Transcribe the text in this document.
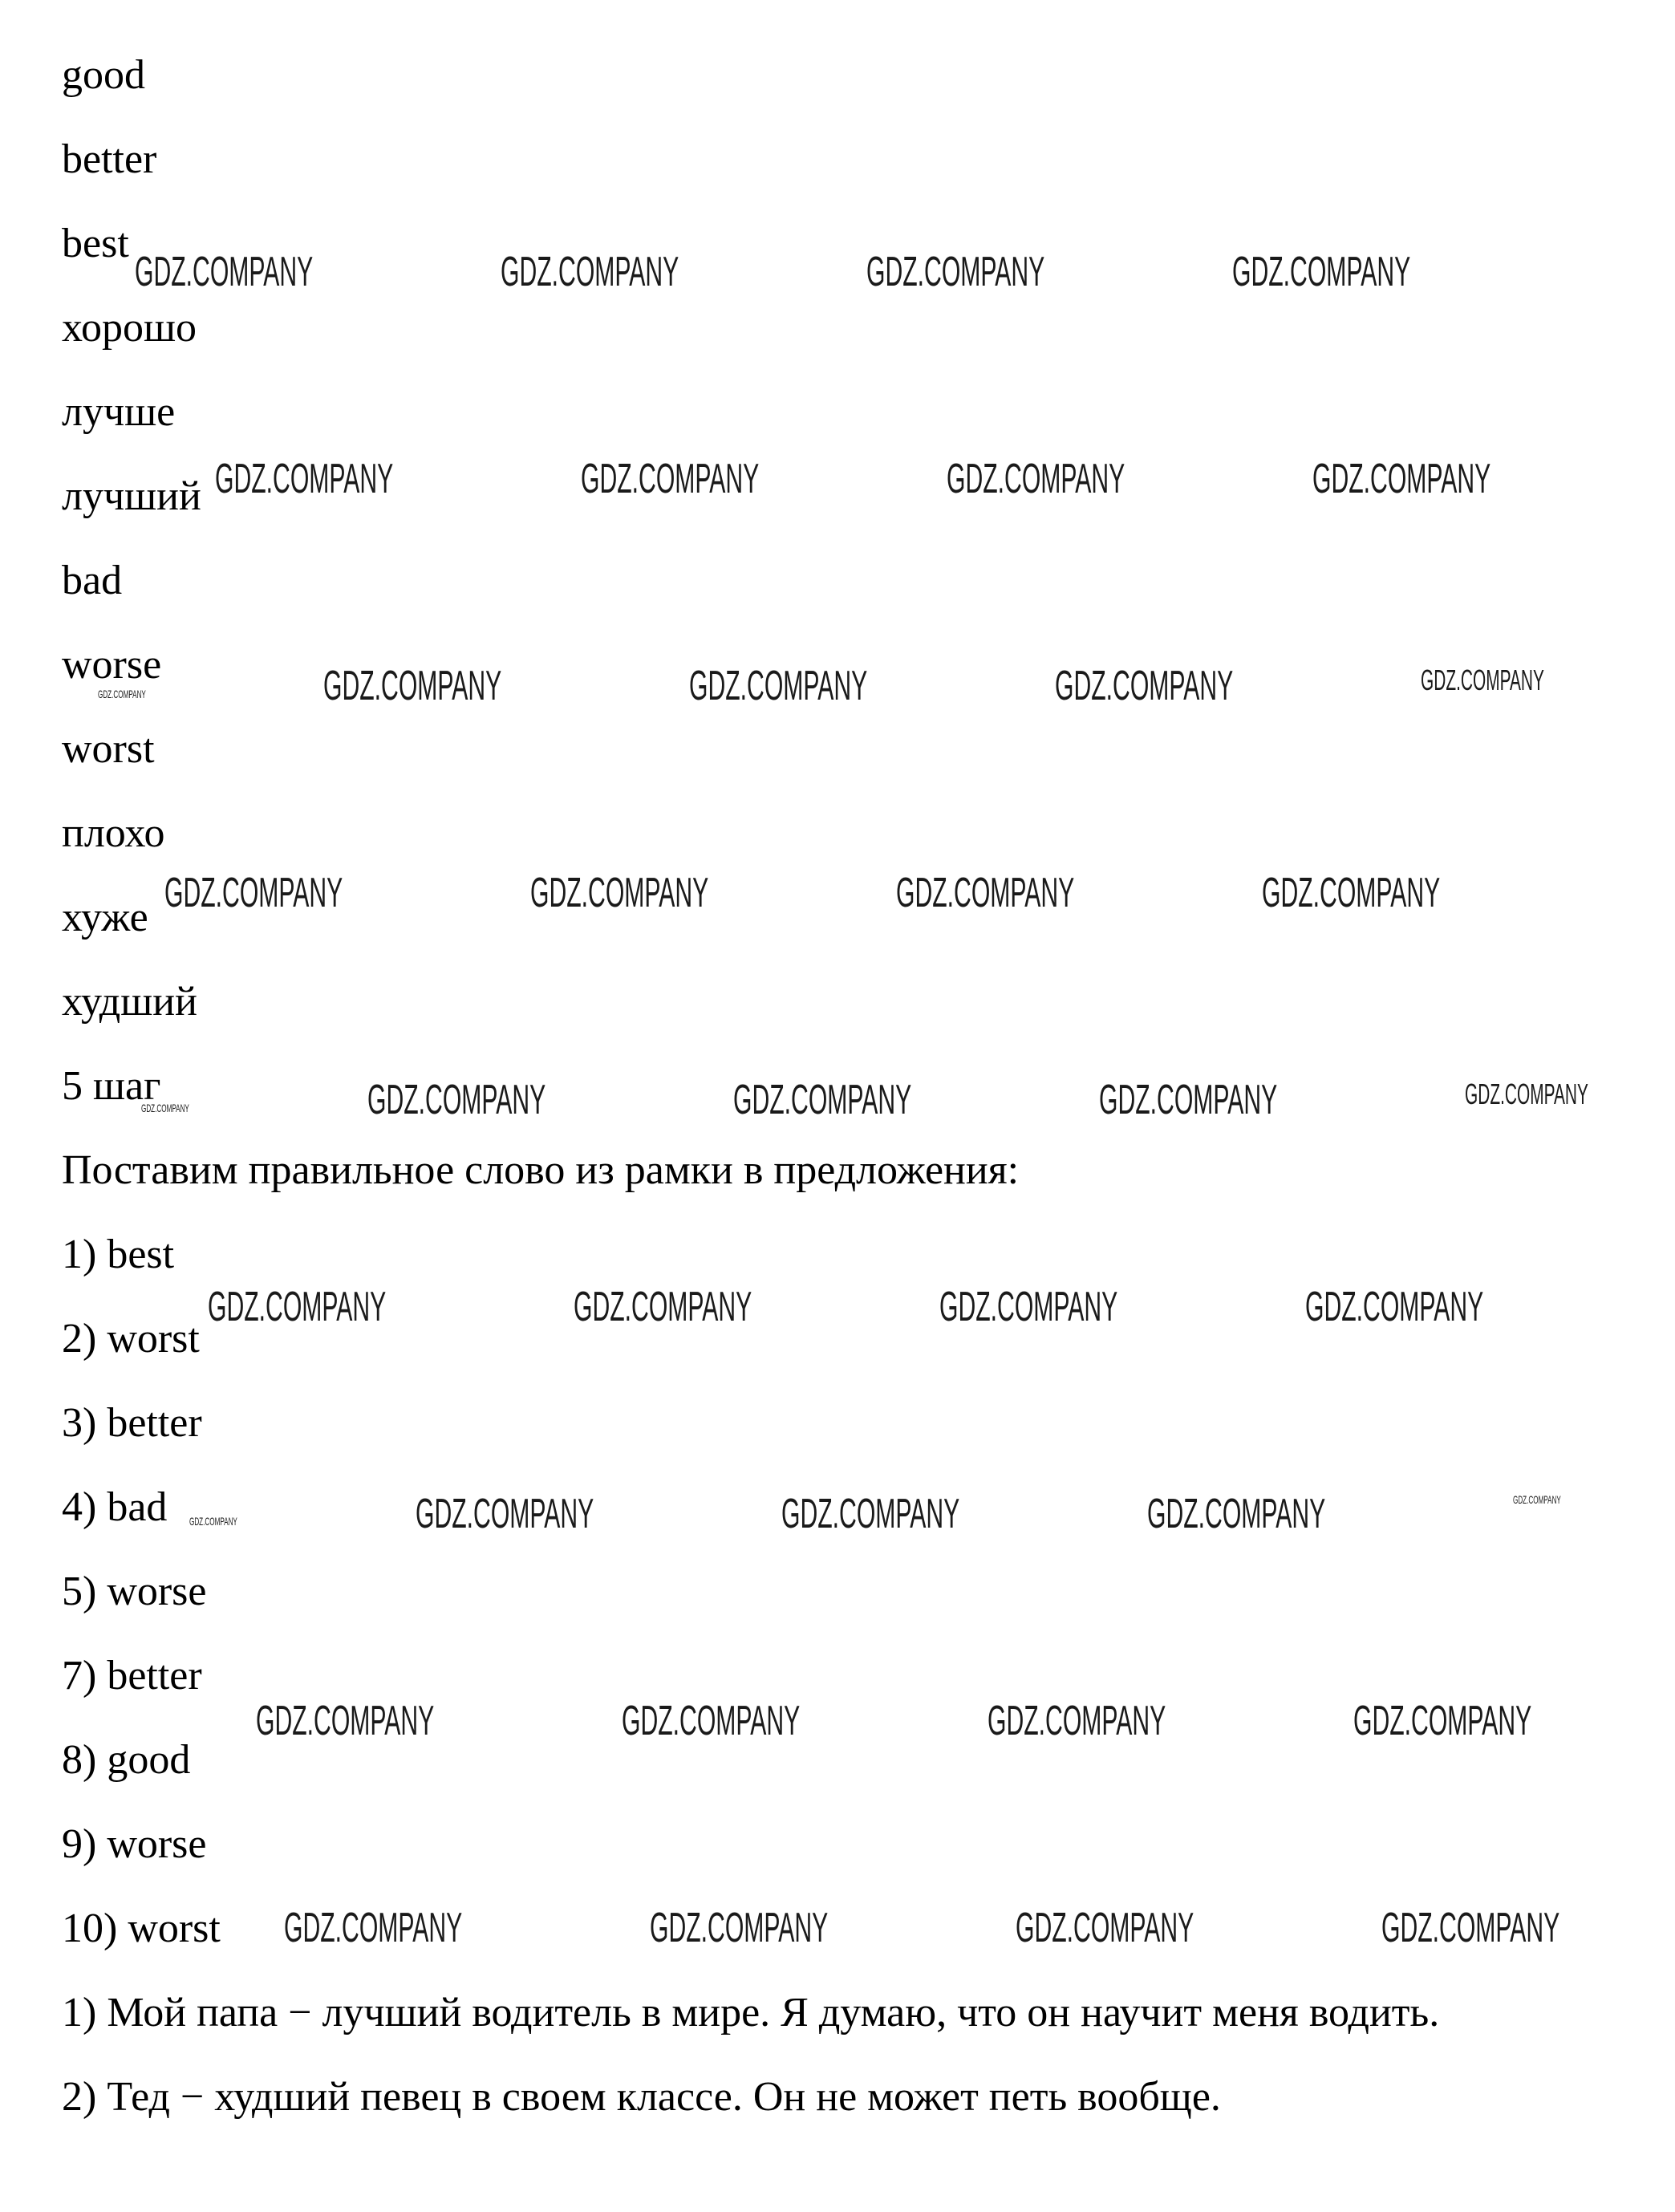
good
better
best
хорошо
лучше
лучший
bad
worse
worst
плохо
хуже
худший
5 шаг
Поставим правильное слово из рамки в предложения:
1) best
2) worst
3) better
4) bad
5) worse
7) better
8) good
9) worse
10) worst
1) Мой папа − лучший водитель в мире. Я думаю, что он научит меня водить.
2) Тед − худший певец в своем классе. Он не может петь вообще.
GDZ.COMPANY	GDZ.COMPANY	GDZ.COMPANY	GDZ.COMPANY
GDZ.COMPANY	GDZ.COMPANY	GDZ.COMPANY	GDZ.COMPANY
GDZ.COMPANY	GDZ.COMPANY	GDZ.COMPANY	GDZ.COMPANY	GDZ.COMPANY
GDZ.COMPANY	GDZ.COMPANY	GDZ.COMPANY	GDZ.COMPANY
GDZ.COMPANY	GDZ.COMPANY	GDZ.COMPANY	GDZ.COMPANY	GDZ.COMPANY
GDZ.COMPANY	GDZ.COMPANY	GDZ.COMPANY	GDZ.COMPANY
GDZ.COMPANY	GDZ.COMPANY	GDZ.COMPANY	GDZ.COMPANY	GDZ.COMPANY
GDZ.COMPANY	GDZ.COMPANY	GDZ.COMPANY	GDZ.COMPANY
GDZ.COMPANY	GDZ.COMPANY	GDZ.COMPANY	GDZ.COMPANY
